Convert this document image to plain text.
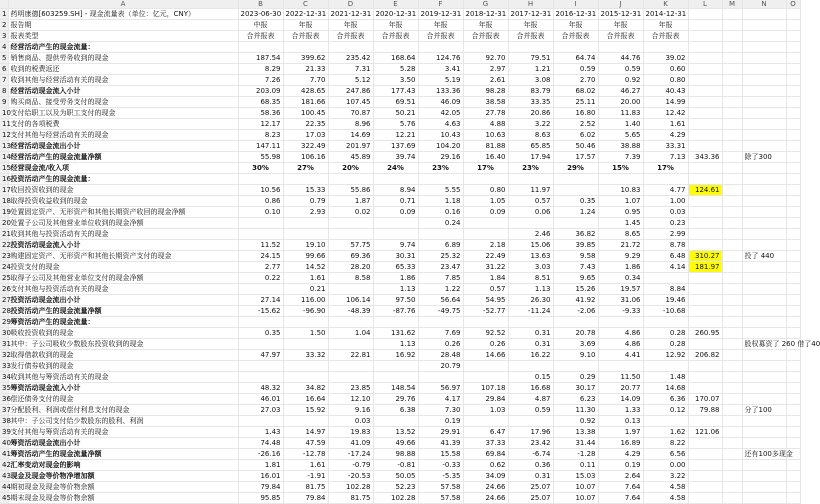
	A	B	C	D	E	F	G	H	I	J	K	L	M	N	O
1	药明康德[603259.SH] - 现金流量表（单位：亿元，CNY）	2023-06-30	2022-12-31	2021-12-31	2020-12-31	2019-12-31	2018-12-31	2017-12-31	2016-12-31	2015-12-31	2014-12-31				
2	报告期	中报	年报	年报	年报	年报	年报	年报	年报	年报	年报				
3	报表类型	合并报表	合并报表	合并报表	合并报表	合并报表	合并报表	合并报表	合并报表	合并报表	合并报表				
4	经营活动产生的现金流量：														
5	销售商品、提供劳务收到的现金	187.54	399.62	235.42	168.64	124.76	92.70	79.51	64.74	44.76	39.02				
6	收到的税费返还	8.29	21.33	7.31	5.28	3.41	2.97	1.21	0.59	0.59	0.60				
7	收到其他与经营活动有关的现金	7.26	7.70	5.12	3.50	5.19	2.61	3.08	2.70	0.92	0.80				
8	经营活动现金流入小计	203.09	428.65	247.86	177.43	133.36	98.28	83.79	68.02	46.27	40.43				
9	购买商品、接受劳务支付的现金	68.35	181.66	107.45	69.51	46.09	38.58	33.35	25.11	20.00	14.99				
10	支付给职工以及为职工支付的现金	58.36	100.45	70.87	50.21	42.05	27.78	20.86	16.80	11.83	12.42				
11	支付的各项税费	12.17	22.35	8.96	5.76	4.63	4.88	3.22	2.52	1.40	1.61				
12	支付其他与经营活动有关的现金	8.23	17.03	14.69	12.21	10.43	10.63	8.63	6.02	5.65	4.29				
13	经营活动现金流出小计	147.11	322.49	201.97	137.69	104.20	81.88	65.85	50.46	38.88	33.31				
14	经营活动产生的现金流量净额	55.98	106.16	45.89	39.74	29.16	16.40	17.94	17.57	7.39	7.13	343.36		除了300	
15	经营现金流/收入项	30%	27%	20%	24%	23%	17%	23%	29%	15%	17%				
16	投资活动产生的现金流量：														
17	收回投资收到的现金	10.56	15.33	55.86	8.94	5.55	0.80	11.97		10.83	4.77	124.61			
18	取得投资收益收到的现金	0.86	0.79	1.87	0.71	1.18	1.05	0.57	0.35	1.07	1.00				
19	处置固定资产、无形资产和其他长期资产收回的现金净额	0.10	2.93	0.02	0.09	0.16	0.09	0.06	1.24	0.95	0.03				
20	处置子公司及其他营业单位收到的现金净额					0.24				1.45	0.23				
21	收到其他与投资活动有关的现金							2.46	36.82	8.65	2.99				
22	投资活动现金流入小计	11.52	19.10	57.75	9.74	6.89	2.18	15.06	39.85	21.72	8.78				
23	购建固定资产、无形资产和其他长期资产支付的现金	24.15	99.66	69.36	30.31	25.32	22.49	13.63	9.58	9.29	6.48	310.27		投了 440	
24	投资支付的现金	2.77	14.52	28.20	65.33	23.47	31.22	3.03	7.43	1.86	4.14	181.97			
25	取得子公司及其他营业单位支付的现金净额	0.22	1.61	8.58	1.86	7.85	1.84	8.51	9.65	0.34					
26	支付其他与投资活动有关的现金		0.21		1.13	1.22	0.57	1.13	15.26	19.57	8.84				
27	投资活动现金流出小计	27.14	116.00	106.14	97.50	56.64	54.95	26.30	41.92	31.06	19.46				
28	投资活动产生的现金流量净额	-15.62	-96.90	-48.39	-87.76	-49.75	-52.77	-11.24	-2.06	-9.33	-10.68				
29	筹资活动产生的现金流量：														
30	吸收投资收到的现金	0.35	1.50	1.04	131.62	7.69	92.52	0.31	20.78	4.86	0.28	260.95			
31	其中：子公司吸收少数股东投资收到的现金				1.13	0.26	0.26	0.31	3.69	4.86	0.28			股权募资了 260 借了40	
32	取得借款收到的现金	47.97	33.32	22.81	16.92	28.48	14.66	16.22	9.10	4.41	12.92	206.82			
33	发行债券收到的现金					20.79									
34	收到其他与筹资活动有关的现金							0.15	0.29	11.50	1.48				
35	筹资活动现金流入小计	48.32	34.82	23.85	148.54	56.97	107.18	16.68	30.17	20.77	14.68				
36	偿还债务支付的现金	46.01	16.64	12.10	29.76	4.17	29.84	4.87	6.23	14.09	6.36	170.07			
37	分配股利、利润或偿付利息支付的现金	27.03	15.92	9.16	6.38	7.30	1.03	0.59	11.30	1.33	0.12	79.88		分了100	
38	其中：子公司支付给少数股东的股利、利润			0.03		0.19			0.92	0.13					
39	支付其他与筹资活动有关的现金	1.43	14.97	19.83	13.52	29.91	6.47	17.96	13.38	1.97	1.62	121.06			
40	筹资活动现金流出小计	74.48	47.59	41.09	49.66	41.39	37.33	23.42	31.44	16.89	8.22				
41	筹资活动产生的现金流量净额	-26.16	-12.78	-17.24	98.88	15.58	69.84	-6.74	-1.28	4.29	6.56			还有100多现金	
42	汇率变动对现金的影响	1.81	1.61	-0.79	-0.81	-0.33	0.62	0.36	0.11	0.19	0.00				
43	现金及现金等价物净增加额	16.01	-1.91	-20.53	50.05	-5.35	34.09	0.31	15.03	2.64	3.22				
44	期初现金及现金等价物余额	79.84	81.75	102.28	52.23	57.58	24.66	25.07	10.07	7.64	4.58				
45	期末现金及现金等价物余额	95.85	79.84	81.75	102.28	57.58	24.66	25.07	10.07	7.64	4.58				
